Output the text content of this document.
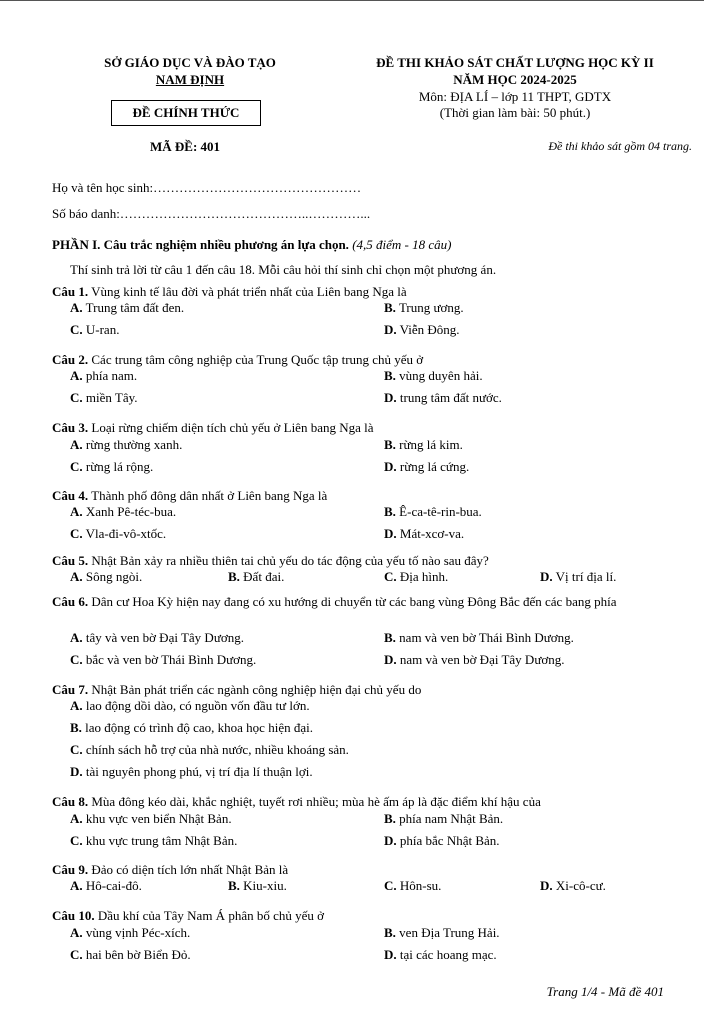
SỞ GIÁO DỤC VÀ ĐÀO TẠO
NAM ĐỊNH
ĐỀ THI KHẢO SÁT CHẤT LƯỢNG HỌC KỲ II
NĂM HỌC 2024-2025
Môn: ĐỊA LÍ – lớp 11 THPT, GDTX
(Thời gian làm bài: 50 phút.)
ĐỀ CHÍNH THỨC
MÃ ĐỀ: 401	Đề thi khảo sát gồm 04 trang.
Họ và tên học sinh:…………………………………………
Số báo danh:……………………………………..…………...
PHẦN I. Câu trắc nghiệm nhiều phương án lựa chọn. (4,5 điểm - 18 câu)
Thí sinh trả lời từ câu 1 đến câu 18. Mỗi câu hỏi thí sinh chỉ chọn một phương án.
Câu 1. Vùng kinh tế lâu đời và phát triển nhất của Liên bang Nga là
A. Trung tâm đất đen.	B. Trung ương.
C. U-ran.	D. Viễn Đông.
Câu 2. Các trung tâm công nghiệp của Trung Quốc tập trung chủ yếu ở
A. phía nam.	B. vùng duyên hải.
C. miền Tây.	D. trung tâm đất nước.
Câu 3. Loại rừng chiếm diện tích chủ yếu ở Liên bang Nga là
A. rừng thường xanh.	B. rừng lá kim.
C. rừng lá rộng.	D. rừng lá cứng.
Câu 4. Thành phố đông dân nhất ở Liên bang Nga là
A. Xanh Pê-téc-bua.	B. Ê-ca-tê-rin-bua.
C. Vla-đi-vô-xtốc.	D. Mát-xcơ-va.
Câu 5. Nhật Bản xảy ra nhiều thiên tai chủ yếu do tác động của yếu tố nào sau đây?
A. Sông ngòi.	B. Đất đai.	C. Địa hình.	D. Vị trí địa lí.
Câu 6. Dân cư Hoa Kỳ hiện nay đang có xu hướng di chuyển từ các bang vùng Đông Bắc đến các bang phía
A. tây và ven bờ Đại Tây Dương.	B. nam và ven bờ Thái Bình Dương.
C. bắc và ven bờ Thái Bình Dương.	D. nam và ven bờ Đại Tây Dương.
Câu 7. Nhật Bản phát triển các ngành công nghiệp hiện đại chủ yếu do
A. lao động dồi dào, có nguồn vốn đầu tư lớn.
B. lao động có trình độ cao, khoa học hiện đại.
C. chính sách hỗ trợ của nhà nước, nhiều khoáng sản.
D. tài nguyên phong phú, vị trí địa lí thuận lợi.
Câu 8. Mùa đông kéo dài, khắc nghiệt, tuyết rơi nhiều; mùa hè ấm áp là đặc điểm khí hậu của
A. khu vực ven biển Nhật Bản.	B. phía nam Nhật Bản.
C. khu vực trung tâm Nhật Bản.	D. phía bắc Nhật Bản.
Câu 9. Đảo có diện tích lớn nhất Nhật Bản là
A. Hô-cai-đô.	B. Kiu-xiu.	C. Hôn-su.	D. Xi-cô-cư.
Câu 10. Dầu khí của Tây Nam Á phân bố chủ yếu ở
A. vùng vịnh Péc-xích.	B. ven Địa Trung Hải.
C. hai bên bờ Biển Đỏ.	D. tại các hoang mạc.
Trang 1/4 - Mã đề 401
